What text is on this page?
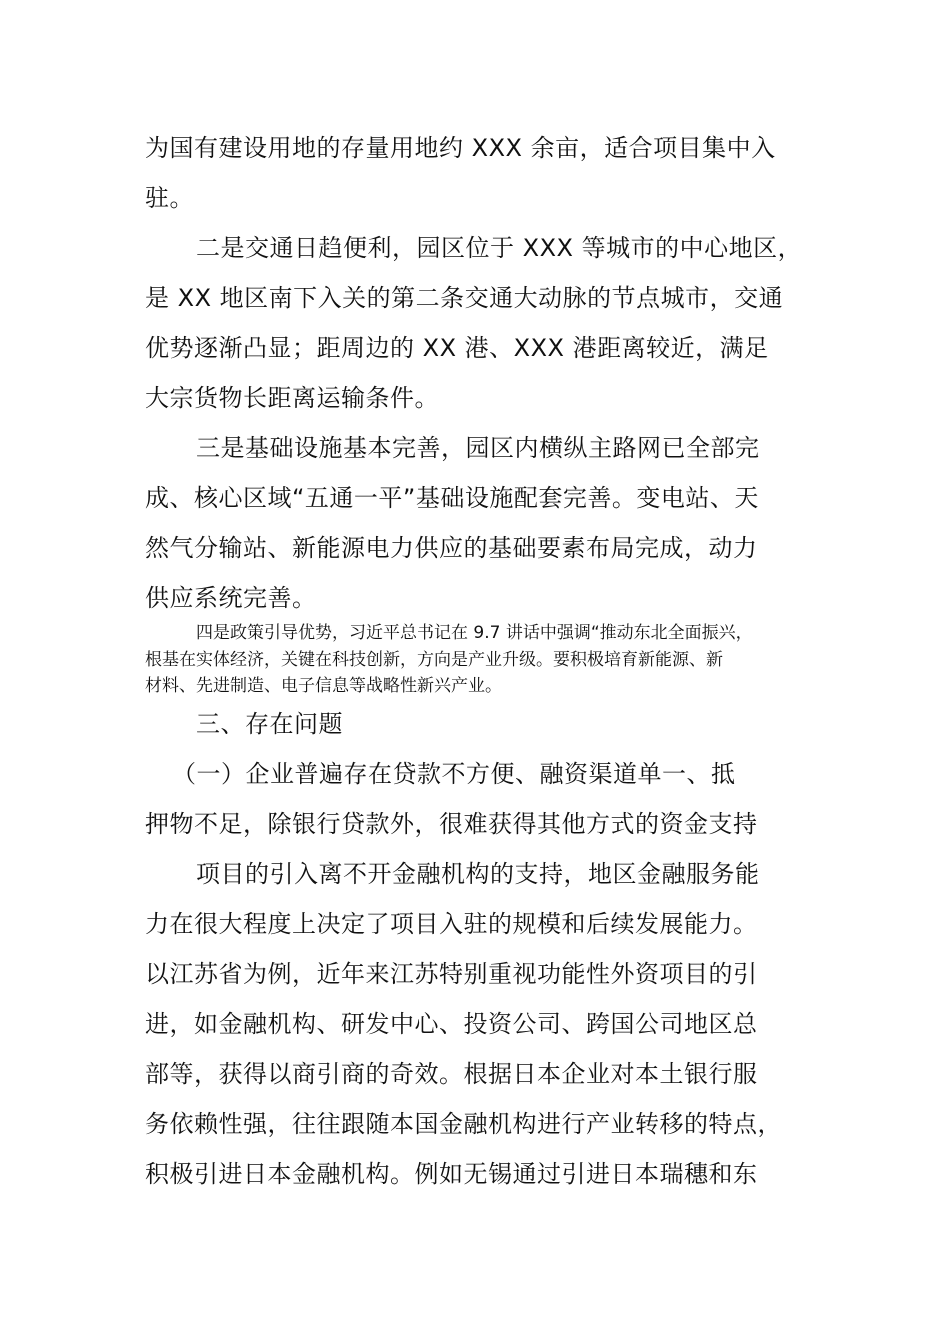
为国有建设用地的存量用地约 XXX 余亩，适合项目集中入
驻。
二是交通日趋便利，园区位于 XXX 等城市的中心地区，
是 XX 地区南下入关的第二条交通大动脉的节点城市，交通
优势逐渐凸显；距周边的 XX 港、XXX 港距离较近，满足
大宗货物长距离运输条件。
三是基础设施基本完善，园区内横纵主路网已全部完
成、核心区域“五通一平”基础设施配套完善。变电站、天
然气分输站、新能源电力供应的基础要素布局完成，动力
供应系统完善。
四是政策引导优势，习近平总书记在 9.7 讲话中强调“推动东北全面振兴，
根基在实体经济，关键在科技创新，方向是产业升级。要积极培育新能源、新
材料、先进制造、电子信息等战略性新兴产业。
三、存在问题
（一）企业普遍存在贷款不方便、融资渠道单一、抵
押物不足，除银行贷款外，很难获得其他方式的资金支持
项目的引入离不开金融机构的支持，地区金融服务能
力在很大程度上决定了项目入驻的规模和后续发展能力。
以江苏省为例，近年来江苏特别重视功能性外资项目的引
进，如金融机构、研发中心、投资公司、跨国公司地区总
部等，获得以商引商的奇效。根据日本企业对本土银行服
务依赖性强，往往跟随本国金融机构进行产业转移的特点，
积极引进日本金融机构。例如无锡通过引进日本瑞穗和东
